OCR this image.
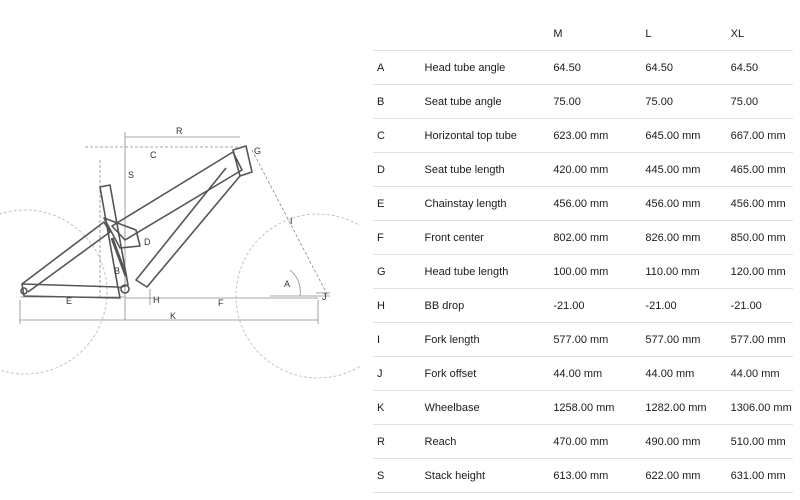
R
C
S
G
D
I
B
A
E	H	F
J
K
M	L	XL
A	Head tube angle	64.50	64.50	64.50
B	Seat tube angle	75.00	75.00	75.00
C	Horizontal top tube	623.00 mm	645.00 mm	667.00 mm
D	Seat tube length	420.00 mm	445.00 mm	465.00 mm
E	Chainstay length	456.00 mm	456.00 mm	456.00 mm
F	Front center	802.00 mm	826.00 mm	850.00 mm
G	Head tube length	100.00 mm	110.00 mm	120.00 mm
H	BB drop	-21.00	-21.00	-21.00
I	Fork length	577.00 mm	577.00 mm	577.00 mm
J	Fork offset	44.00 mm	44.00 mm	44.00 mm
K	Wheelbase	1258.00 mm	1282.00 mm	1306.00 mm
R	Reach	470.00 mm	490.00 mm	510.00 mm
S	Stack height	613.00 mm	622.00 mm	631.00 mm
